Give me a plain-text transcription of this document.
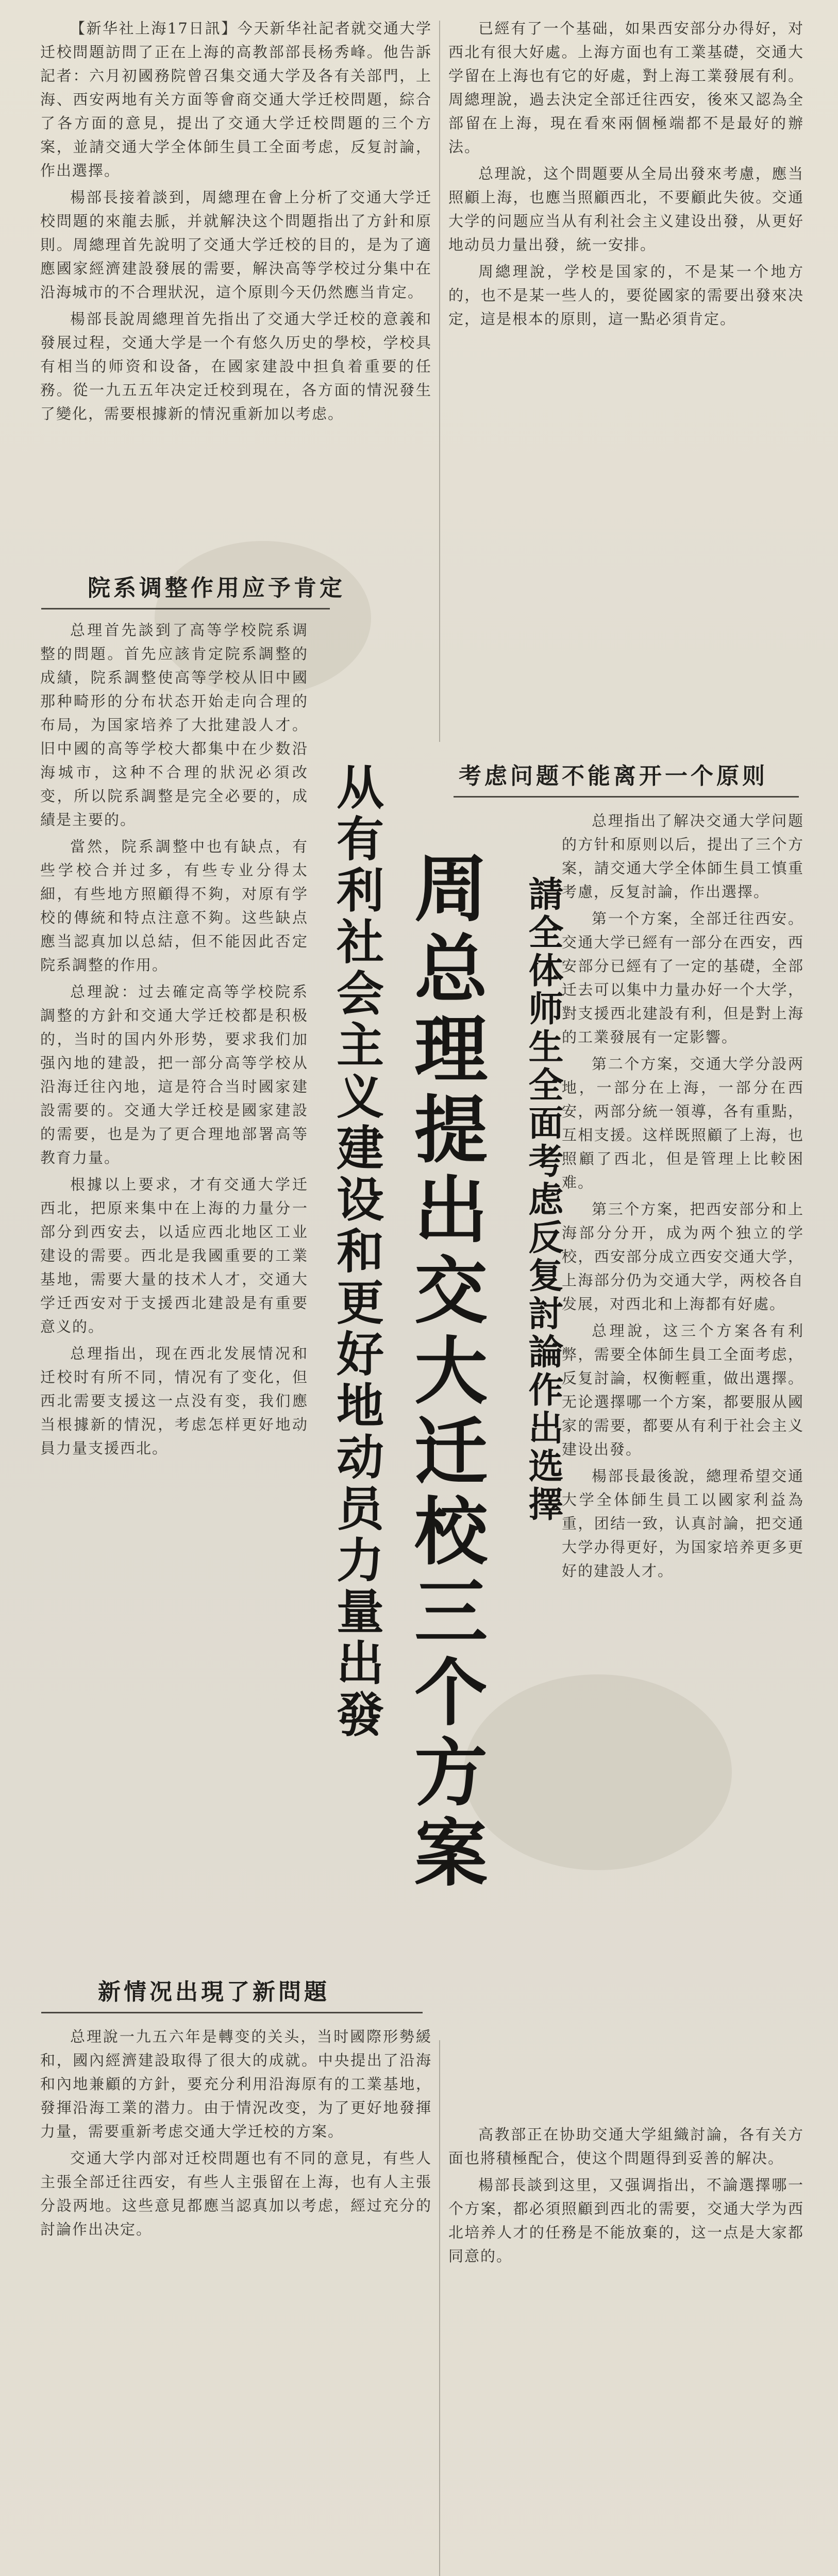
【新华社上海17日訊】今天新华社記者就交通大学迁校問題訪問了正在上海的高教部部長杨秀峰。他告訴記者：六月初國務院曾召集交通大学及各有关部門，上海、西安两地有关方面等會商交通大学迁校問題，綜合了各方面的意見，提出了交通大学迁校問題的三个方案，並請交通大学全体師生員工全面考虑，反复討論，作出選擇。

楊部長接着談到，周總理在會上分析了交通大学迁校問題的來龍去脈，并就解決这个問題指出了方針和原則。周總理首先說明了交通大学迁校的目的，是为了適應國家經濟建設發展的需要，解決高等学校过分集中在沿海城市的不合理狀況，這个原則今天仍然應当肯定。

楊部長說周總理首先指出了交通大学迁校的意義和發展过程，交通大学是一个有悠久历史的學校，学校具有相当的师资和设备，在國家建設中担負着重要的任務。從一九五五年决定迁校到現在，各方面的情況發生了變化，需要根據新的情況重新加以考虑。

已經有了一个基础，如果西安部分办得好，对西北有很大好處。上海方面也有工業基礎，交通大学留在上海也有它的好處，對上海工業發展有利。周總理說，過去決定全部迁往西安，後來又認為全部留在上海，現在看來兩個極端都不是最好的辦法。

总理說，这个問題要从全局出發來考慮，應当照顧上海，也應当照顧西北，不要顧此失彼。交通大学的问题应当从有利社会主义建设出發，从更好地动员力量出發，統一安排。

周總理說，学校是国家的，不是某一个地方的，也不是某一些人的，要從國家的需要出發來决定，這是根本的原則，這一點必須肯定。

考虑问题不能离开一个原则

总理指出了解决交通大学问题的方针和原则以后，提出了三个方案，請交通大学全体師生員工慎重考慮，反复討論，作出選擇。

第一个方案，全部迁往西安。交通大学已經有一部分在西安，西安部分已經有了一定的基礎，全部迁去可以集中力量办好一个大学，對支援西北建設有利，但是對上海的工業發展有一定影響。

第二个方案，交通大学分設两地，一部分在上海，一部分在西安，两部分統一領導，各有重點，互相支援。这样既照顧了上海，也照顧了西北，但是管理上比較困难。

第三个方案，把西安部分和上海部分分开，成为两个独立的学校，西安部分成立西安交通大学，上海部分仍为交通大学，两校各自发展，对西北和上海都有好處。

总理說，这三个方案各有利弊，需要全体師生員工全面考虑，反复討論，权衡輕重，做出選擇。无论選擇哪一个方案，都要服从國家的需要，都要从有利于社会主义建设出發。

楊部長最後說，總理希望交通大学全体師生員工以國家利益為重，团结一致，认真討論，把交通大学办得更好，为国家培养更多更好的建設人才。

院系调整作用应予肯定

总理首先談到了高等学校院系调整的問題。首先应該肯定院系調整的成績，院系調整使高等学校从旧中國那种畸形的分布状态开始走向合理的布局，为国家培养了大批建設人才。旧中國的高等学校大都集中在少数沿海城市，这种不合理的狀況必須改变，所以院系調整是完全必要的，成績是主要的。

當然，院系調整中也有缺点，有些学校合并过多，有些专业分得太細，有些地方照顧得不夠，对原有学校的傳統和特点注意不夠。这些缺点應当認真加以总結，但不能因此否定院系調整的作用。

总理說：过去確定高等学校院系調整的方針和交通大学迁校都是积极的，当时的国内外形势，要求我们加强內地的建設，把一部分高等学校从沿海迁往內地，這是符合当时國家建設需要的。交通大学迁校是國家建設的需要，也是为了更合理地部署高等教育力量。

根據以上要求，才有交通大学迁西北，把原来集中在上海的力量分一部分到西安去，以适应西北地区工业建设的需要。西北是我國重要的工業基地，需要大量的技术人才，交通大学迁西安对于支援西北建設是有重要意义的。

总理指出，现在西北发展情况和迁校时有所不同，情况有了变化，但西北需要支援这一点没有变，我们應当根據新的情況，考虑怎样更好地动員力量支援西北。	請全体师生全面考虑反复討論作出选擇
周总理提出交大迁校三个方案
从有利社会主义建设和更好地动员力量出發
新情况出現了新問題

总理說一九五六年是轉变的关头，当时國際形勢緩和，國內經濟建設取得了很大的成就。中央提出了沿海和內地兼顧的方針，要充分利用沿海原有的工業基地，發揮沿海工業的潜力。由于情況改变，为了更好地發揮力量，需要重新考虑交通大学迁校的方案。

交通大学内部对迁校問題也有不同的意見，有些人主張全部迁往西安，有些人主張留在上海，也有人主張分設两地。这些意見都應当認真加以考虑，經过充分的討論作出决定。

高教部正在协助交通大学組織討論，各有关方面也將積極配合，使这个問題得到妥善的解决。

楊部長談到这里，又强调指出，不論選擇哪一个方案，都必須照顧到西北的需要，交通大学为西北培养人才的任務是不能放棄的，这一点是大家都同意的。
